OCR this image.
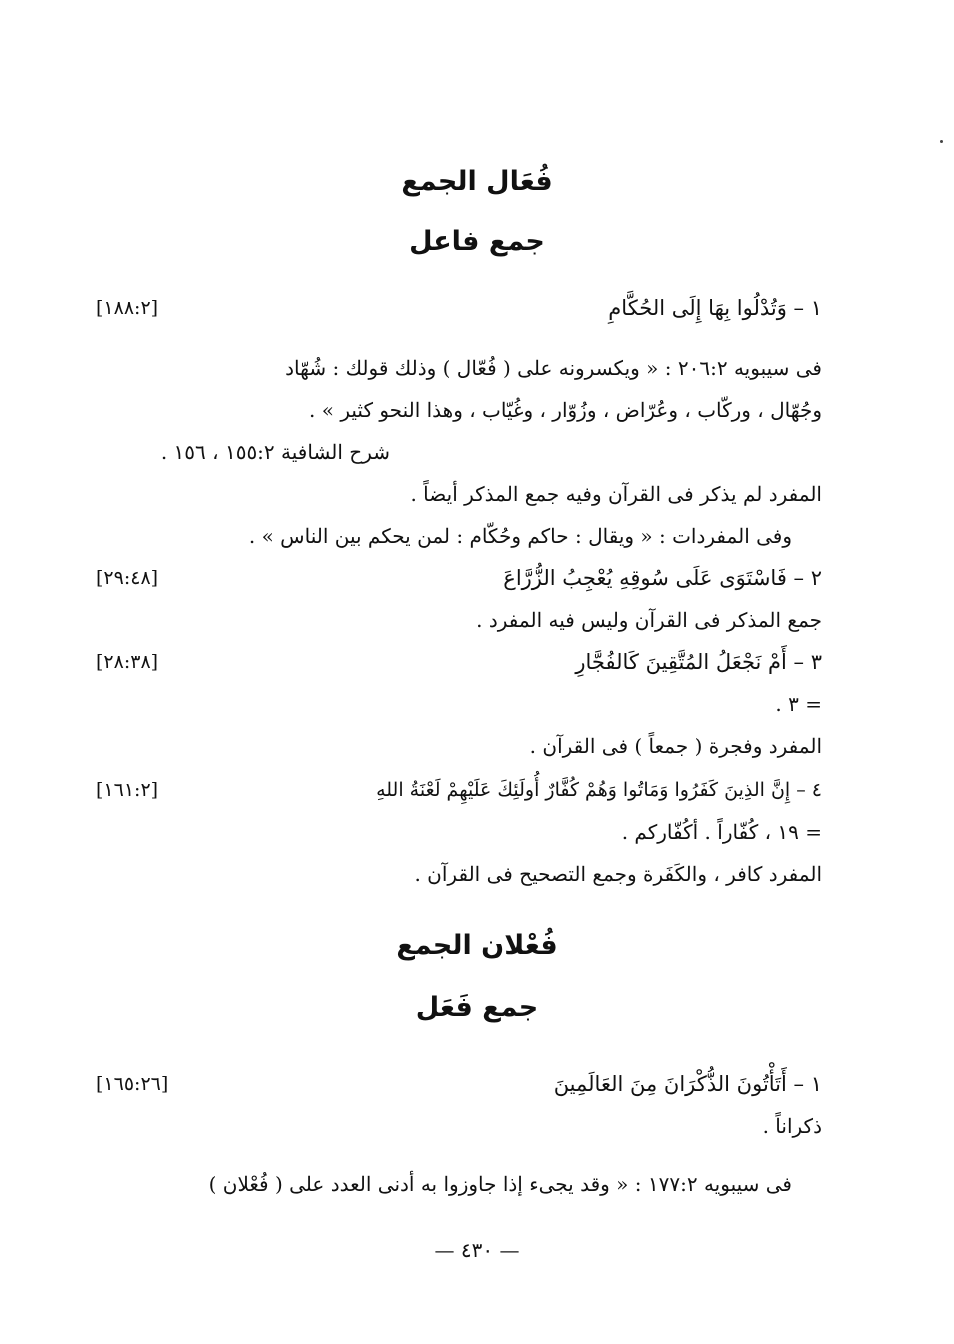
فُعَال الجمع
جمع فاعل
١ – وَتُدْلُوا بِهَا إِلَى الحُكَّامِ
[١٨٨:٢]
فى سيبويه ٢٠٦:٢ : « ويكسرونه على ( فُعّال ) وذلك قولك : شُهّاد
وجُهّال ، وركّاب ، وعُرّاض ، وزُوّار ، وغُيّاب ، وهذا النحو كثير » .
شرح الشافية ١٥٥:٢ ، ١٥٦ .
المفرد لم يذكر فى القرآن وفيه جمع المذكر أيضاً .
وفى المفردات : « ويقال : حاكم وحُكّام : لمن يحكم بين الناس » .
٢ – فَاسْتَوَى عَلَى سُوقِهِ يُعْجِبُ الزُّرَّاعَ
[٢٩:٤٨]
جمع المذكر فى القرآن وليس فيه المفرد .
٣ – أَمْ نَجْعَلُ المُتَّقِينَ كَالفُجَّارِ
[٢٨:٣٨]
= ٣ .
المفرد وفجرة ( جمعاً ) فى القرآن .
٤ – إِنَّ الذِينَ كَفَرُوا وَمَاتُوا وَهُمْ كُفَّارٌ أُولَئِكَ عَلَيْهِمْ لَعْنَةُ اللهِ
[١٦١:٢]
= ١٩ ، كُفّاراً . أكُفّاركم .
المفرد كافر ، والكَفَرة وجمع التصحيح فى القرآن .
فُعْلان الجمع
جمع فَعَل
١ – أَتَأْتُونَ الذُّكْرَانَ مِنَ العَالَمِينَ
[١٦٥:٢٦]
ذكراناً .
فى سيبويه ١٧٧:٢ : « وقد يجىء إذا جاوزوا به أدنى العدد على ( فُعْلان )
— ٤٣٠ —
